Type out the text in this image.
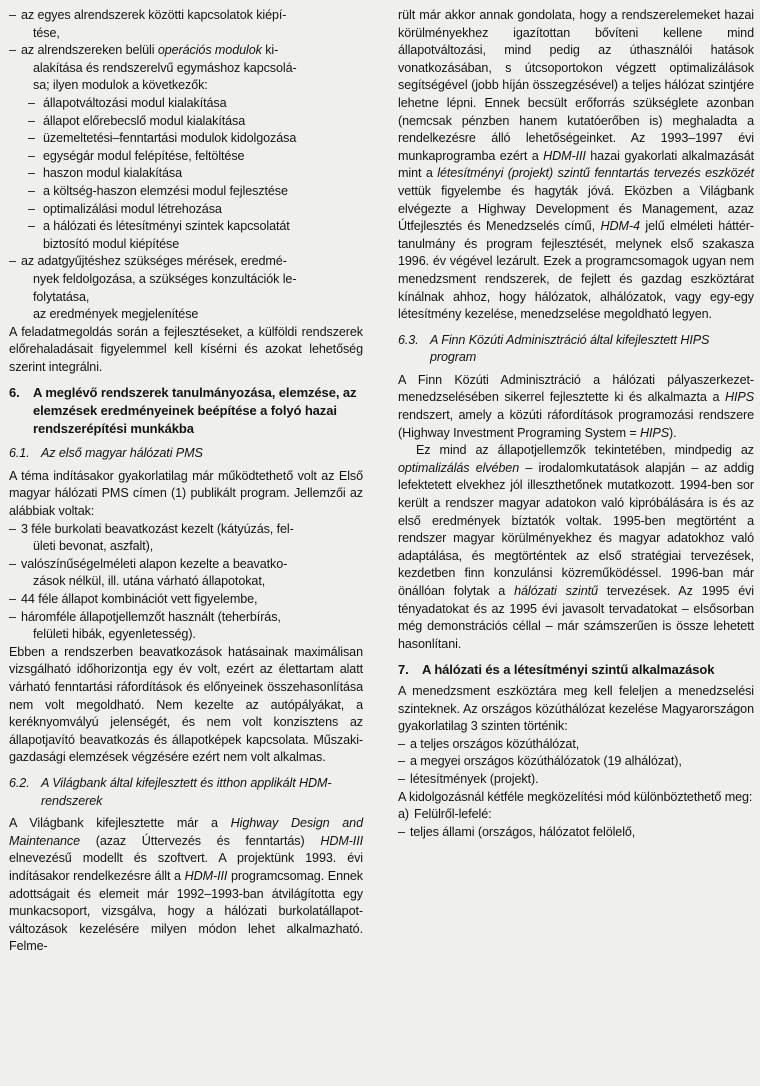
– az egyes alrendszerek közötti kapcsolatok kiépí-
tése,
– az alrendszereken belüli operációs modulok ki-
alakítása és rendszerelvű egymáshoz kapcsolá-
sa; ilyen modulok a következők:
– állapotváltozási modul kialakítása
– állapot előrebecslő modul kialakítása
– üzemeltetési–fenntartási modulok kidolgozása
– egységár modul felépítése, feltöltése
– haszon modul kialakítása
– a költség-haszon elemzési modul fejlesztése
– optimalizálási modul létrehozása
– a hálózati és létesítményi szintek kapcsolatát
biztosító modul kiépítése
– az adatgyűjtéshez szükséges mérések, eredmé-
nyek feldolgozása, a szükséges konzultációk le-
folytatása,
az eredmények megjelenítése
A feladatmegoldás során a fejlesztéseket, a külföldi rendszerek előrehaladásait figyelemmel kell kísérni és azokat lehetőség szerint integrálni.
6. A meglévő rendszerek tanulmányozása, elemzése, az elemzések eredményeinek beépítése a folyó hazai rendszerépítési munkákba
6.1. Az első magyar hálózati PMS
A téma indításakor gyakorlatilag már működtethető volt az Első magyar hálózati PMS címen (1) publikált program. Jellemzői az alábbiak voltak:
– 3 féle burkolati beavatkozást kezelt (kátyúzás, fel-
ületi bevonat, aszfalt),
– valószínűségelméleti alapon kezelte a beavatko-
zások nélkül, ill. utána várható állapotokat,
– 44 féle állapot kombinációt vett figyelembe,
– háromféle állapotjellemzőt használt (teherbírás,
felületi hibák, egyenletesség).
Ebben a rendszerben beavatkozások hatásainak maximálisan vizsgálható időhorizontja egy év volt, ezért az élettartam alatt várható fenntartási ráfordítások és előnyeinek összehasonlítása nem volt megoldható. Nem kezelte az autópályákat, a keréknyomvályú jelenségét, és nem volt konzisztens az állapotjavító beavatkozás és állapotképek kapcsolata. Műszaki-gazdasági elemzések végzésére ezért nem volt alkalmas.
6.2. A Világbank által kifejlesztett és itthon applikált HDM-rendszerek
A Világbank kifejlesztette már a Highway Design and Maintenance (azaz Úttervezés és fenntartás) HDM-III elnevezésű modellt és szoftvert. A projektünk 1993. évi indításakor rendelkezésre állt a HDM-III programcsomag. Ennek adottságait és elemeit már 1992–1993-ban átvilágította egy munkacsoport, vizsgálva, hogy a hálózati burkolatállapot-változások kezelésére milyen módon lehet alkalmazható. Felme-
rült már akkor annak gondolata, hogy a rendszerelemeket hazai körülményekhez igazítottan bővíteni kellene mind állapotváltozási, mind pedig az úthasználói hatások vonatkozásában, s útcsoportokon végzett optimalizálások segítségével (jobb híján összegzésével) a teljes hálózat szintjére lehetne lépni. Ennek becsült erőforrás szükséglete azonban (nemcsak pénzben hanem kutatóerőben is) meghaladta a rendelkezésre álló lehetőségeinket. Az 1993–1997 évi munkaprogramba ezért a HDM-III hazai gyakorlati alkalmazását mint a létesítményi (projekt) szintű fenntartás tervezés eszközét vettük figyelembe és hagyták jóvá. Eközben a Világbank elvégezte a Highway Development és Management, azaz Útfejlesztés és Menedzselés című, HDM-4 jelű elméleti háttér-tanulmány és program fejlesztését, melynek első szakasza 1996. év végével lezárult. Ezek a programcsomagok ugyan nem menedzsment rendszerek, de fejlett és gazdag eszköztárat kínálnak ahhoz, hogy hálózatok, alhálózatok, vagy egy-egy létesítmény kezelése, menedzselése megoldható legyen.
6.3. A Finn Közúti Adminisztráció által kifejlesztett HIPS program
A Finn Közúti Adminisztráció a hálózati pályaszerkezet-menedzselésében sikerrel fejlesztette ki és alkalmazta a HIPS rendszert, amely a közúti ráfordítások programozási rendszere (Highway Investment Programing System = HIPS).
Ez mind az állapotjellemzők tekintetében, mindpedig az optimalizálás elvében – irodalomkutatások alapján – az addig lefektetett elvekhez jól illeszthetőnek mutatkozott. 1994-ben sor került a rendszer magyar adatokon való kipróbálására is és az első eredmények bíztatók voltak. 1995-ben megtörtént a rendszer magyar körülményekhez és magyar adatokhoz való adaptálása, és megtörténtek az első stratégiai tervezések, kezdetben finn konzulánsi közreműködéssel. 1996-ban már önállóan folytak a hálózati szintű tervezések. Az 1995 évi tényadatokat és az 1995 évi javasolt tervadatokat – elsősorban még demonstrációs céllal – már számszerűen is össze lehetett hasonlítani.
7. A hálózati és a létesítményi szintű alkalmazások
A menedzsment eszköztára meg kell feleljen a menedzselési szinteknek. Az országos közúthálózat kezelése Magyarországon gyakorlatilag 3 szinten történik:
– a teljes országos közúthálózat,
– a megyei országos közúthálózatok (19 alhálózat),
– létesítmények (projekt).
A kidolgozásnál kétféle megközelítési mód különböztethető meg:
a) Felülről-lefelé:
– teljes állami (országos, hálózatot felölelő,
